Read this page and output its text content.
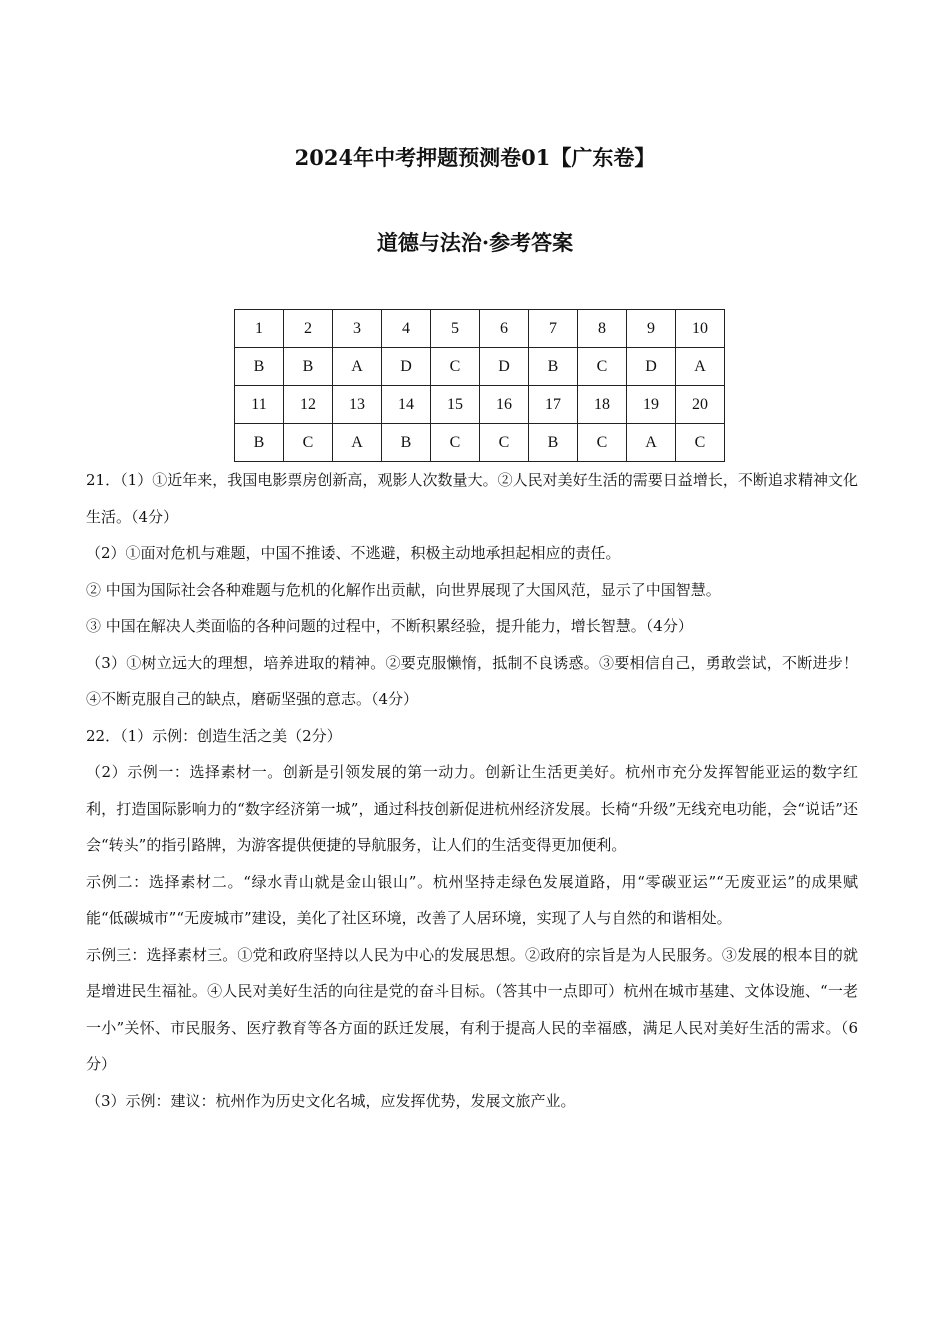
2024年中考押题预测卷01【广东卷】
道德与法治·参考答案
1	2	3	4	5	6	7	8	9	10
B	B	A	D	C	D	B	C	D	A
11	12	13	14	15	16	17	18	19	20
B	C	A	B	C	C	B	C	A	C

21．（1）①近年来，我国电影票房创新高，观影人次数量大。②人民对美好生活的需要日益增长，不断追求精神文化生活。（4分）

（2）①面对危机与难题，中国不推诿、不逃避，积极主动地承担起相应的责任。

② 中国为国际社会各种难题与危机的化解作出贡献，向世界展现了大国风范，显示了中国智慧。

③ 中国在解决人类面临的各种问题的过程中，不断积累经验，提升能力，增长智慧。（4分）

（3）①树立远大的理想，培养进取的精神。②要克服懒惰，抵制不良诱惑。③要相信自己，勇敢尝试，不断进步！④不断克服自己的缺点，磨砺坚强的意志。（4分）

22．（1）示例：创造生活之美（2分）

（2）示例一：选择素材一。创新是引领发展的第一动力。创新让生活更美好。杭州市充分发挥智能亚运的数字红利，打造国际影响力的“数字经济第一城”，通过科技创新促进杭州经济发展。长椅“升级”无线充电功能，会“说话”还会“转头”的指引路牌，为游客提供便捷的导航服务，让人们的生活变得更加便利。

示例二：选择素材二。“绿水青山就是金山银山”。杭州坚持走绿色发展道路，用“零碳亚运”“无废亚运”的成果赋能“低碳城市”“无废城市”建设，美化了社区环境，改善了人居环境，实现了人与自然的和谐相处。

示例三：选择素材三。①党和政府坚持以人民为中心的发展思想。②政府的宗旨是为人民服务。③发展的根本目的就是增进民生福祉。④人民对美好生活的向往是党的奋斗目标。（答其中一点即可）杭州在城市基建、文体设施、“一老一小”关怀、市民服务、医疗教育等各方面的跃迁发展，有利于提高人民的幸福感，满足人民对美好生活的需求。（6分）

（3）示例：建议：杭州作为历史文化名城，应发挥优势，发展文旅产业。
